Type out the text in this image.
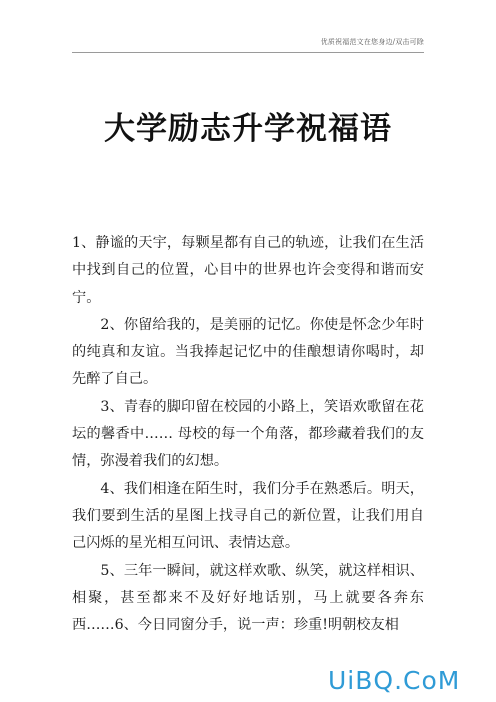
优质祝福范文在您身边/双击可除
大学励志升学祝福语

1、静谧的天宇，每颗星都有自己的轨迹，让我们在生活中找到自己的位置，心目中的世界也许会变得和谐而安宁。

2、你留给我的，是美丽的记忆。你使是怀念少年时的纯真和友谊。当我捧起记忆中的佳酿想请你喝时，却先醉了自己。

3、青春的脚印留在校园的小路上，笑语欢歌留在花坛的馨香中…… 母校的每一个角落，都珍藏着我们的友情，弥漫着我们的幻想。

4、我们相逢在陌生时，我们分手在熟悉后。明天，我们要到生活的星图上找寻自己的新位置，让我们用自己闪烁的星光相互问讯、表情达意。

5、三年一瞬间，就这样欢歌、纵笑，就这样相识、相聚，甚至都来不及好好地话别，马上就要各奔东西……6、今日同窗分手，说一声：珍重!明朝校友相

UiBQ.CoM
